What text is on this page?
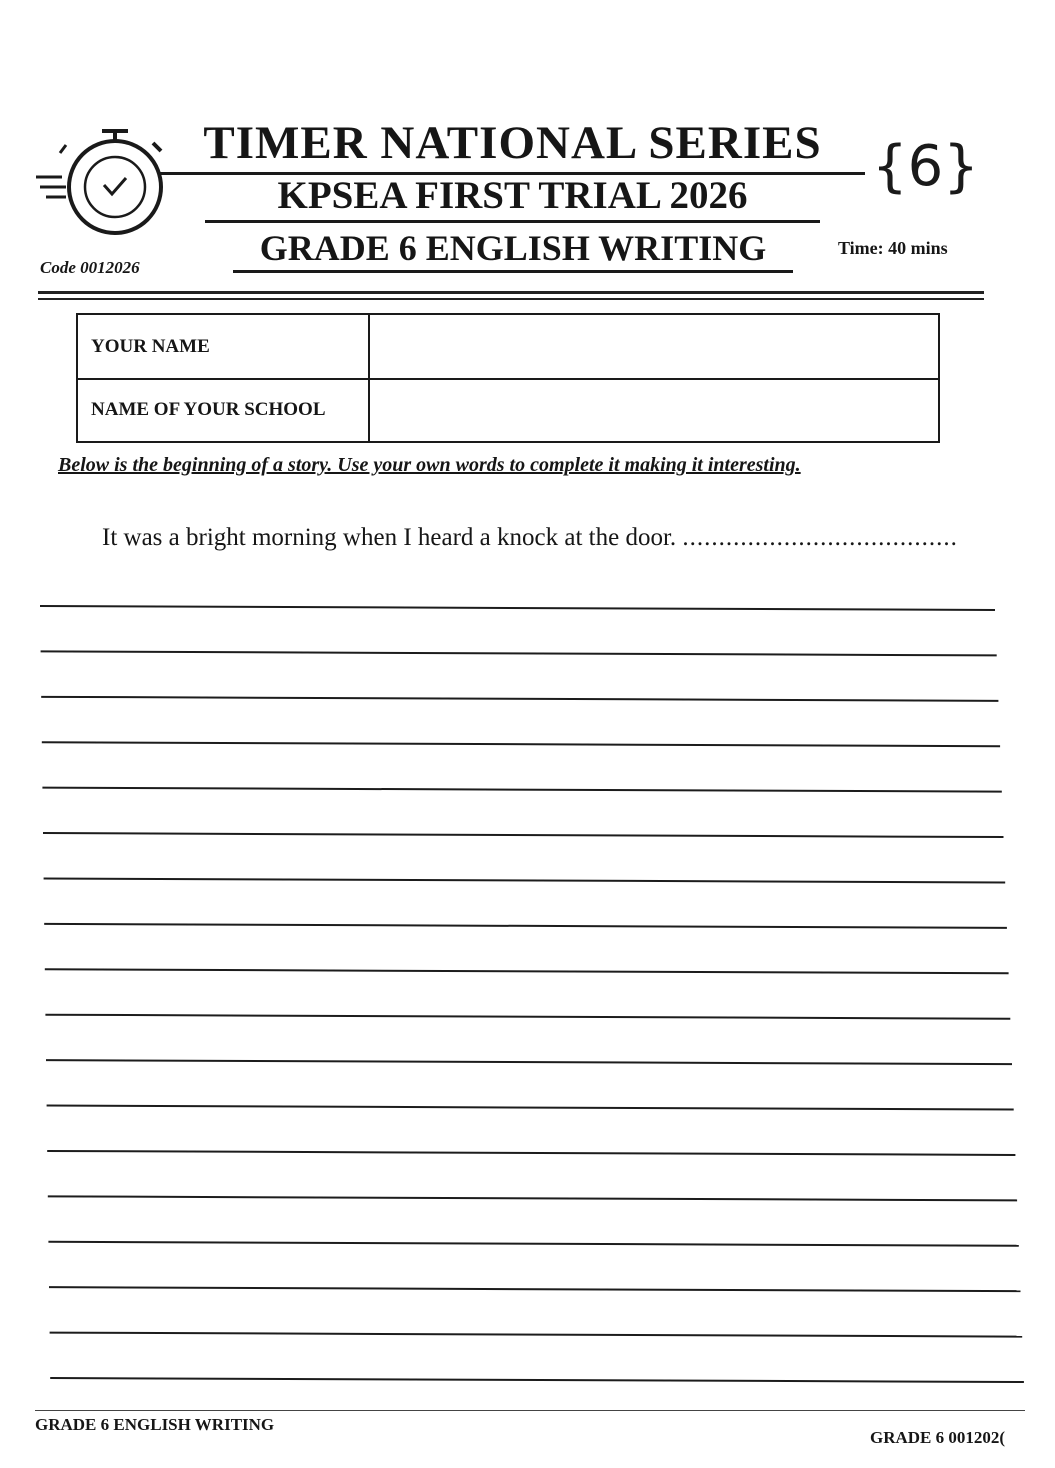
TIMER NATIONAL SERIES
KPSEA FIRST TRIAL 2026
GRADE 6 ENGLISH WRITING
{6}
Time: 40 mins
Code 0012026
YOUR NAME
NAME OF YOUR SCHOOL
Below is the beginning of a story. Use your own words to complete it making it interesting.
It was a bright morning when I heard a knock at the door. ......................................
GRADE 6 ENGLISH WRITING
GRADE 6 001202(
